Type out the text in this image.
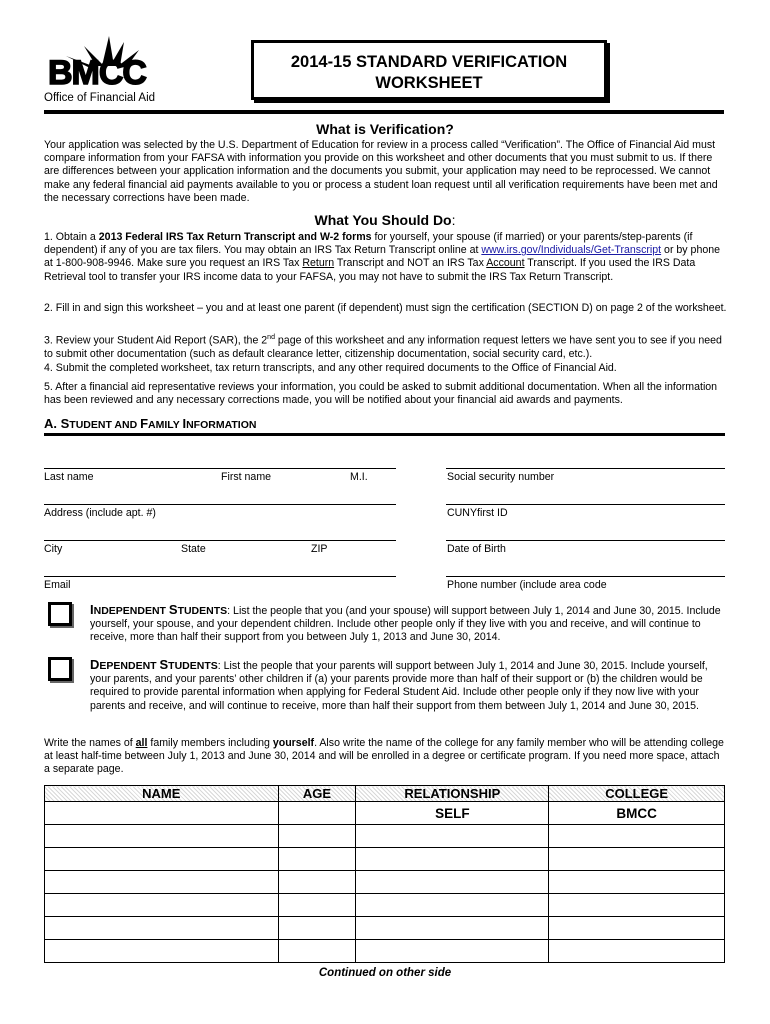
BMCC
Office of Financial Aid
2014-15 STANDARD VERIFICATION
WORKSHEET
What is Verification?
Your application was selected by the U.S. Department of Education for review in a process called “Verification”. The Office of Financial Aid must compare information from your FAFSA with information you provide on this worksheet and other documents that you must submit to us. If there are differences between your application information and the documents you submit, your application may need to be reprocessed. We cannot make any federal financial aid payments available to you or process a student loan request until all verification requirements have been met and the necessary corrections have been made.
What You Should Do:
1. Obtain a 2013 Federal IRS Tax Return Transcript and W-2 forms for yourself, your spouse (if married) or your parents/step-parents (if dependent) if any of you are tax filers. You may obtain an IRS Tax Return Transcript online at www.irs.gov/Individuals/Get-Transcript or by phone at 1-800-908-9946. Make sure you request an IRS Tax Return Transcript and NOT an IRS Tax Account Transcript. If you used the IRS Data Retrieval tool to transfer your IRS income data to your FAFSA, you may not have to submit the IRS Tax Return Transcript.
2. Fill in and sign this worksheet – you and at least one parent (if dependent) must sign the certification (SECTION D) on page 2 of the worksheet.
3. Review your Student Aid Report (SAR), the 2nd page of this worksheet and any information request letters we have sent you to see if you need to submit other documentation (such as default clearance letter, citizenship documentation, social security card, etc.).
4. Submit the completed worksheet, tax return transcripts, and any other required documents to the Office of Financial Aid.
5. After a financial aid representative reviews your information, you could be asked to submit additional documentation. When all the information has been reviewed and any necessary corrections made, you will be notified about your financial aid awards and payments.
A. STUDENT AND FAMILY INFORMATION
Last name	First name	M.I.	Social security number
Address (include apt. #)	CUNYfirst ID
City	State	ZIP	Date of Birth
Email	Phone number (include area code
INDEPENDENT STUDENTS: List the people that you (and your spouse) will support between July 1, 2014 and June 30, 2015. Include yourself, your spouse, and your dependent children. Include other people only if they live with you and receive, and will continue to receive, more than half their support from you between July 1, 2013 and June 30, 2014.
DEPENDENT STUDENTS: List the people that your parents will support between July 1, 2014 and June 30, 2015. Include yourself, your parents, and your parents’ other children if (a) your parents provide more than half of their support or (b) the children would be required to provide parental information when applying for Federal Student Aid. Include other people only if they now live with your parents and receive, and will continue to receive, more than half their support from them between July 1, 2014 and June 30, 2015.
Write the names of all family members including yourself. Also write the name of the college for any family member who will be attending college at least half-time between July 1, 2013 and June 30, 2014 and will be enrolled in a degree or certificate program. If you need more space, attach a separate page.
NAME	AGE	RELATIONSHIP	COLLEGE
		SELF	BMCC

Continued on other side
